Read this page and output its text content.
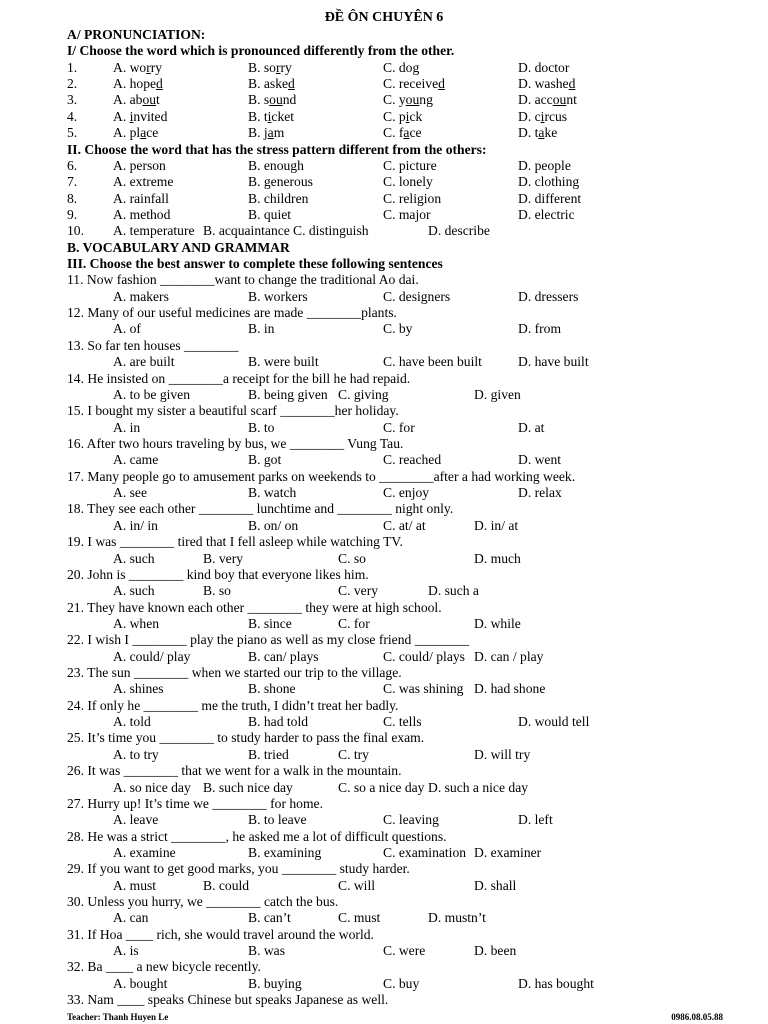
ĐỀ ÔN CHUYÊN 6
A/ PRONUNCIATION:
I/ Choose the word which is pronounced differently from the other.
1.	A. worry	B. sorry	C. dog	D. doctor
2.	A. hoped	B. asked	C. received	D. washed
3.	A. about	B. sound	C. young	D. account
4.	A. invited	B. ticket	C. pick	D. circus
5.	A. place	B. jam	C. face	D. take
II. Choose the word that has the stress pattern different from the others:
6.	A. person	B. enough	C. picture	D. people
7.	A. extreme	B. generous	C. lonely	D. clothing
8.	A. rainfall	B. children	C. religion	D. different
9.	A. method	B. quiet	C. major	D. electric
10. A. temperature B. acquaintance C. distinguish	D. describe
B. VOCABULARY AND GRAMMAR
III. Choose the best answer to complete these following sentences
11. Now fashion ________want to change the traditional Ao dai.
A. makers	B. workers	C. designers	D. dressers
12. Many of our useful medicines are made ________plants.
A. of	B. in	C. by	D. from
13. So far ten houses ________
A. are built	B. were built	C. have been built	D. have built
14. He insisted on ________a receipt for the bill he had repaid.
A. to be given	B. being given C. giving	D. given
15. I bought my sister a beautiful scarf ________her holiday.
A. in	B. to	C. for	D. at
16. After two hours traveling by bus, we ________ Vung Tau.
A. came	B. got	C. reached	D. went
17. Many people go to amusement parks on weekends to ________after a had working week.
A. see	B. watch	C. enjoy	D. relax
18. They see each other ________ lunchtime and ________ night only.
A. in/ in	B. on/ on	C. at/ at	D. in/ at
19. I was ________ tired that I fell asleep while watching TV.
A. such	B. very	C. so	D. much
20. John is ________ kind boy that everyone likes him.
A. such	B. so	C. very	D. such a
21. They have known each other ________ they were at high school.
A. when	B. since	C. for	D. while
22. I wish I ________ play the piano as well as my close friend ________
A. could/ play	B. can/ plays	C. could/ plays D. can / play
23. The sun ________ when we started our trip to the village.
A. shines	B. shone	C. was shining D. had shone
24. If only he ________ me the truth, I didn’t treat her badly.
A. told	B. had told	C. tells	D. would tell
25. It’s time you ________ to study harder to pass the final exam.
A. to try	B. tried	C. try	D. will try
26. It was ________ that we went for a walk in the mountain.
A. so nice day B. such nice day	C. so a nice day D. such a nice day
27. Hurry up! It’s time we ________ for home.
A. leave	B. to leave	C. leaving	D. left
28. He was a strict ________, he asked me a lot of difficult questions.
A. examine	B. examining	C. examination D. examiner
29. If you want to get good marks, you ________ study harder.
A. must	B. could	C. will	D. shall
30. Unless you hurry, we ________ catch the bus.
A. can	B. can’t	C. must	D. mustn’t
31. If Hoa ____ rich, she would travel around the world.
A. is	B. was	C. were	D. been
32. Ba ____ a new bicycle recently.
A. bought	B. buying	C. buy	D. has bought
33. Nam ____ speaks Chinese but speaks Japanese as well.
Teacher: Thanh Huyen Le	0986.08.05.88
